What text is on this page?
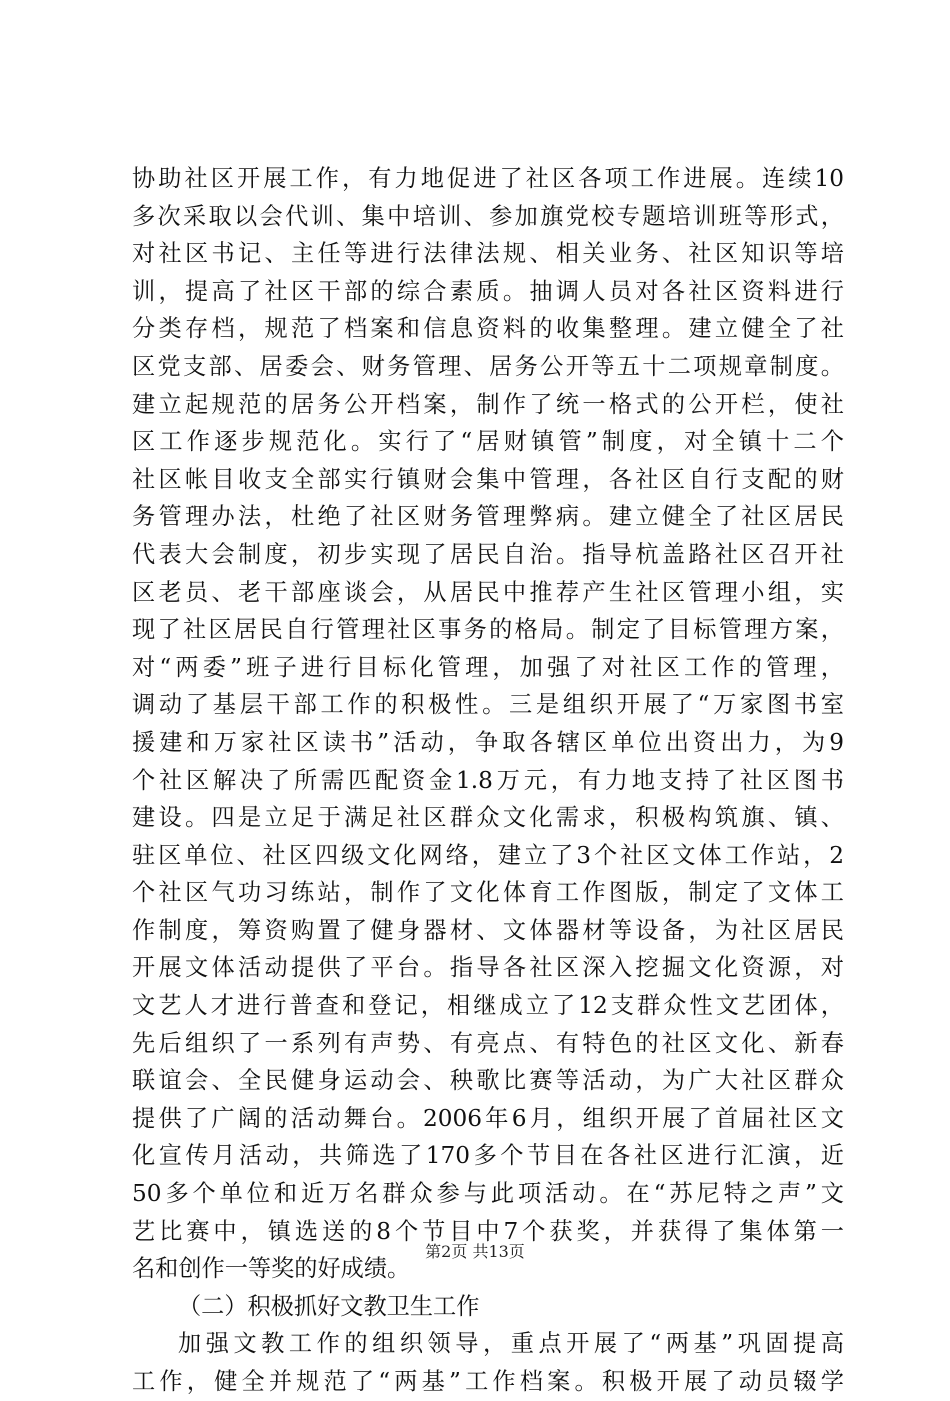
协助社区开展工作，有力地促进了社区各项工作进展。连续10
多次采取以会代训、集中培训、参加旗党校专题培训班等形式，
对社区书记、主任等进行法律法规、相关业务、社区知识等培
训，提高了社区干部的综合素质。抽调人员对各社区资料进行
分类存档，规范了档案和信息资料的收集整理。建立健全了社
区党支部、居委会、财务管理、居务公开等五十二项规章制度。
建立起规范的居务公开档案，制作了统一格式的公开栏，使社
区工作逐步规范化。实行了“居财镇管”制度，对全镇十二个
社区帐目收支全部实行镇财会集中管理，各社区自行支配的财
务管理办法，杜绝了社区财务管理弊病。建立健全了社区居民
代表大会制度，初步实现了居民自治。指导杭盖路社区召开社
区老员、老干部座谈会，从居民中推荐产生社区管理小组，实
现了社区居民自行管理社区事务的格局。制定了目标管理方案，
对“两委”班子进行目标化管理，加强了对社区工作的管理，
调动了基层干部工作的积极性。三是组织开展了“万家图书室
援建和万家社区读书”活动，争取各辖区单位出资出力，为9
个社区解决了所需匹配资金1.8万元，有力地支持了社区图书
建设。四是立足于满足社区群众文化需求，积极构筑旗、镇、
驻区单位、社区四级文化网络，建立了3个社区文体工作站，2
个社区气功习练站，制作了文化体育工作图版，制定了文体工
作制度，筹资购置了健身器材、文体器材等设备，为社区居民
开展文体活动提供了平台。指导各社区深入挖掘文化资源，对
文艺人才进行普查和登记，相继成立了12支群众性文艺团体，
先后组织了一系列有声势、有亮点、有特色的社区文化、新春
联谊会、全民健身运动会、秧歌比赛等活动，为广大社区群众
提供了广阔的活动舞台。2006年6月，组织开展了首届社区文
化宣传月活动，共筛选了170多个节目在各社区进行汇演，近
50多个单位和近万名群众参与此项活动。在“苏尼特之声”文
艺比赛中，镇选送的8个节目中7个获奖，并获得了集体第一
名和创作一等奖的好成绩。
（二）积极抓好文教卫生工作
加强文教工作的组织领导，重点开展了“两基”巩固提高
工作，健全并规范了“两基”工作档案。积极开展了动员辍学
第2页 共13页
